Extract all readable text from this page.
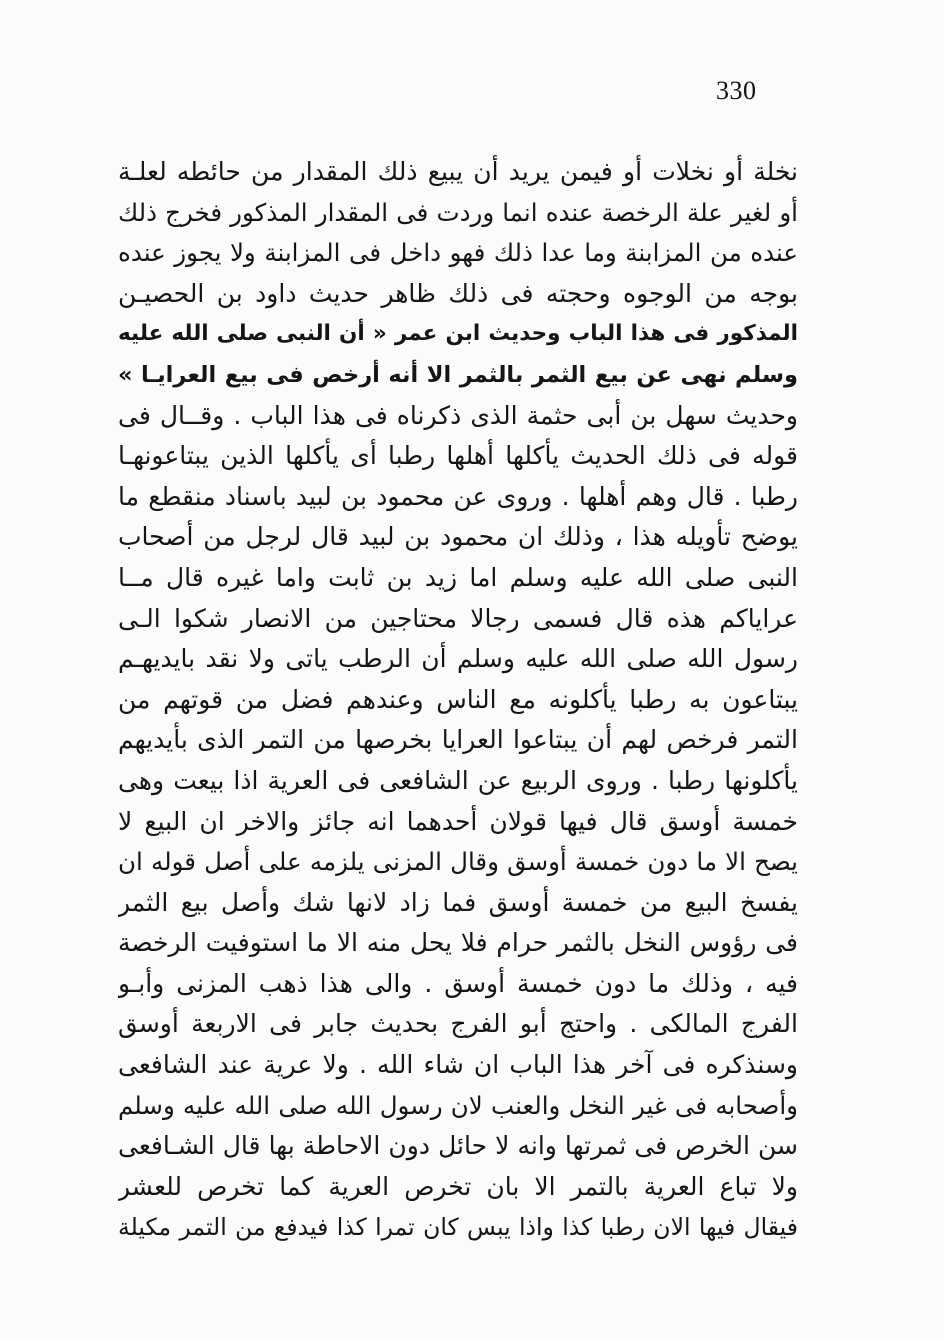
330
نخلة أو نخلات أو فيمن يريد أن يبيع ذلك المقدار من حائطه لعلـة
أو لغير علة الرخصة عنده انما وردت فى المقدار المذكور فخرج ذلك
عنده من المزابنة وما عدا ذلك فهو داخل فى المزابنة ولا يجوز عنده
بوجه من الوجوه وحجته فى ذلك ظاهر حديث داود بن الحصيـن
المذكور فى هذا الباب وحديث ابن عمر « أن النبى صلى الله عليه
وسلم نهى عن بيع الثمر بالثمر الا أنه أرخص فى بيع العرايـا »
وحديث سهل بن أبى حثمة الذى ذكرناه فى هذا الباب . وقــال فى
قوله فى ذلك الحديث يأكلها أهلها رطبا أى يأكلها الذين يبتاعونهـا
رطبا . قال وهم أهلها . وروى عن محمود بن لبيد باسناد منقطع ما
يوضح تأويله هذا ، وذلك ان محمود بن لبيد قال لرجل من أصحاب
النبى صلى الله عليه وسلم اما زيد بن ثابت واما غيره قال مــا
عراياكم هذه قال فسمى رجالا محتاجين من الانصار شكوا الـى
رسول الله صلى الله عليه وسلم أن الرطب ياتى ولا نقد بايديهـم
يبتاعون به رطبا يأكلونه مع الناس وعندهم فضل من قوتهم من
التمر فرخص لهم أن يبتاعوا العرايا بخرصها من التمر الذى بأيديهم
يأكلونها رطبا . وروى الربيع عن الشافعى فى العرية اذا بيعت وهى
خمسة أوسق قال فيها قولان أحدهما انه جائز والاخر ان البيع لا
يصح الا ما دون خمسة أوسق وقال المزنى يلزمه على أصل قوله ان
يفسخ البيع من خمسة أوسق فما زاد لانها شك وأصل بيع الثمر
فى رؤوس النخل بالثمر حرام فلا يحل منه الا ما استوفيت الرخصة
فيه ، وذلك ما دون خمسة أوسق . والى هذا ذهب المزنى وأبـو
الفرج المالكى . واحتج أبو الفرج بحديث جابر فى الاربعة أوسق
وسنذكره فى آخر هذا الباب ان شاء الله . ولا عرية عند الشافعى
وأصحابه فى غير النخل والعنب لان رسول الله صلى الله عليه وسلم
سن الخرص فى ثمرتها وانه لا حائل دون الاحاطة بها قال الشـافعى
ولا تباع العرية بالتمر الا بان تخرص العرية كما تخرص للعشر
فيقال فيها الان رطبا كذا واذا يبس كان تمرا كذا فيدفع من التمر مكيلة
